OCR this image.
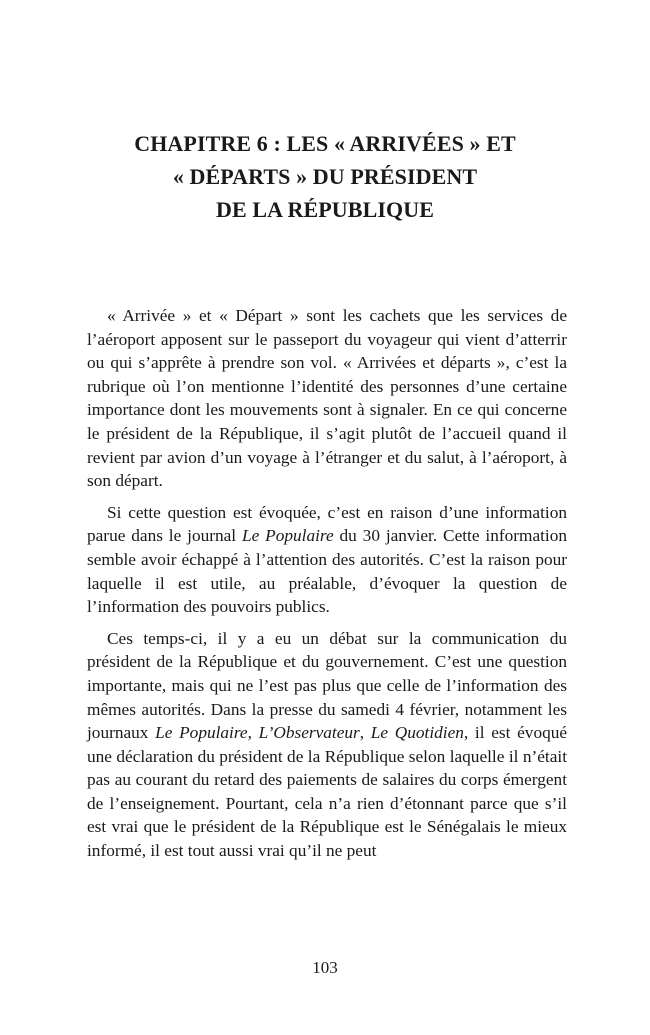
CHAPITRE 6 : LES « ARRIVÉES » ET
« DÉPARTS » DU PRÉSIDENT
DE LA RÉPUBLIQUE

« Arrivée » et « Départ » sont les cachets que les services de l’aéroport apposent sur le passeport du voyageur qui vient d’atterrir ou qui s’apprête à prendre son vol. « Arrivées et départs », c’est la rubrique où l’on mentionne l’identité des personnes d’une certaine importance dont les mouvements sont à signaler. En ce qui concerne le président de la République, il s’agit plutôt de l’accueil quand il revient par avion d’un voyage à l’étranger et du salut, à l’aéroport, à son départ.

Si cette question est évoquée, c’est en raison d’une information parue dans le journal Le Populaire du 30 janvier. Cette information semble avoir échappé à l’attention des autorités. C’est la raison pour laquelle il est utile, au préalable, d’évoquer la question de l’information des pouvoirs publics.

Ces temps-ci, il y a eu un débat sur la communication du président de la République et du gouvernement. C’est une question importante, mais qui ne l’est pas plus que celle de l’information des mêmes autorités. Dans la presse du samedi 4 février, notamment les journaux Le Populaire, L’Observateur, Le Quotidien, il est évoqué une déclaration du président de la République selon laquelle il n’était pas au courant du retard des paiements de salaires du corps émergent de l’enseignement. Pourtant, cela n’a rien d’étonnant parce que s’il est vrai que le président de la République est le Sénégalais le mieux informé, il est tout aussi vrai qu’il ne peut

103
